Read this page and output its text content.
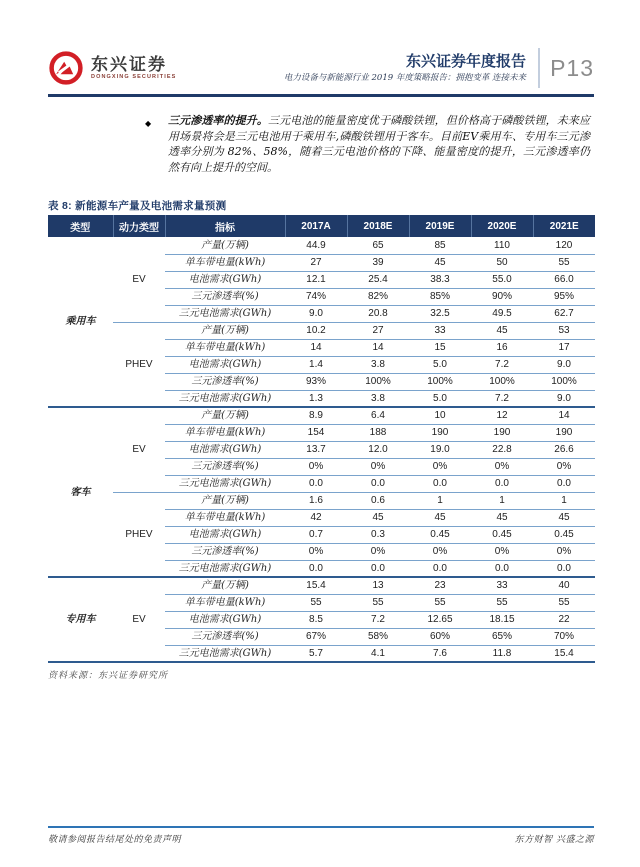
东兴证券
DONGXING SECURITIES
东兴证券年度报告
电力设备与新能源行业 2019 年度策略报告：拥抱变革 连接未来 P13
◆ 三元渗透率的提升。三元电池的能量密度优于磷酸铁锂，但价格高于磷酸铁锂，未来应用场景将会是三元电池用于乘用车,磷酸铁锂用于客车。目前EV乘用车、专用车三元渗透率分别为 82%、58%，随着三元电池价格的下降、能量密度的提升，三元渗透率仍然有向上提升的空间。
表 8: 新能源车产量及电池需求量预测
类型	动力类型	指标	2017A	2018E	2019E	2020E	2021E
乘用车	EV	产量(万辆)	44.9	65	85	110	120
		单车带电量(kWh)	27	39	45	50	55
		电池需求(GWh)	12.1	25.4	38.3	55.0	66.0
		三元渗透率(%)	74%	82%	85%	90%	95%
		三元电池需求(GWh)	9.0	20.8	32.5	49.5	62.7
	PHEV	产量(万辆)	10.2	27	33	45	53
		单车带电量(kWh)	14	14	15	16	17
		电池需求(GWh)	1.4	3.8	5.0	7.2	9.0
		三元渗透率(%)	93%	100%	100%	100%	100%
		三元电池需求(GWh)	1.3	3.8	5.0	7.2	9.0
客车	EV	产量(万辆)	8.9	6.4	10	12	14
		单车带电量(kWh)	154	188	190	190	190
		电池需求(GWh)	13.7	12.0	19.0	22.8	26.6
		三元渗透率(%)	0%	0%	0%	0%	0%
		三元电池需求(GWh)	0.0	0.0	0.0	0.0	0.0
	PHEV	产量(万辆)	1.6	0.6	1	1	1
		单车带电量(kWh)	42	45	45	45	45
		电池需求(GWh)	0.7	0.3	0.45	0.45	0.45
		三元渗透率(%)	0%	0%	0%	0%	0%
		三元电池需求(GWh)	0.0	0.0	0.0	0.0	0.0
专用车	EV	产量(万辆)	15.4	13	23	33	40
		单车带电量(kWh)	55	55	55	55	55
		电池需求(GWh)	8.5	7.2	12.65	18.15	22
		三元渗透率(%)	67%	58%	60%	65%	70%
		三元电池需求(GWh)	5.7	4.1	7.6	11.8	15.4
资料来源：东兴证券研究所
敬请参阅报告结尾处的免责声明	东方财智 兴盛之源
